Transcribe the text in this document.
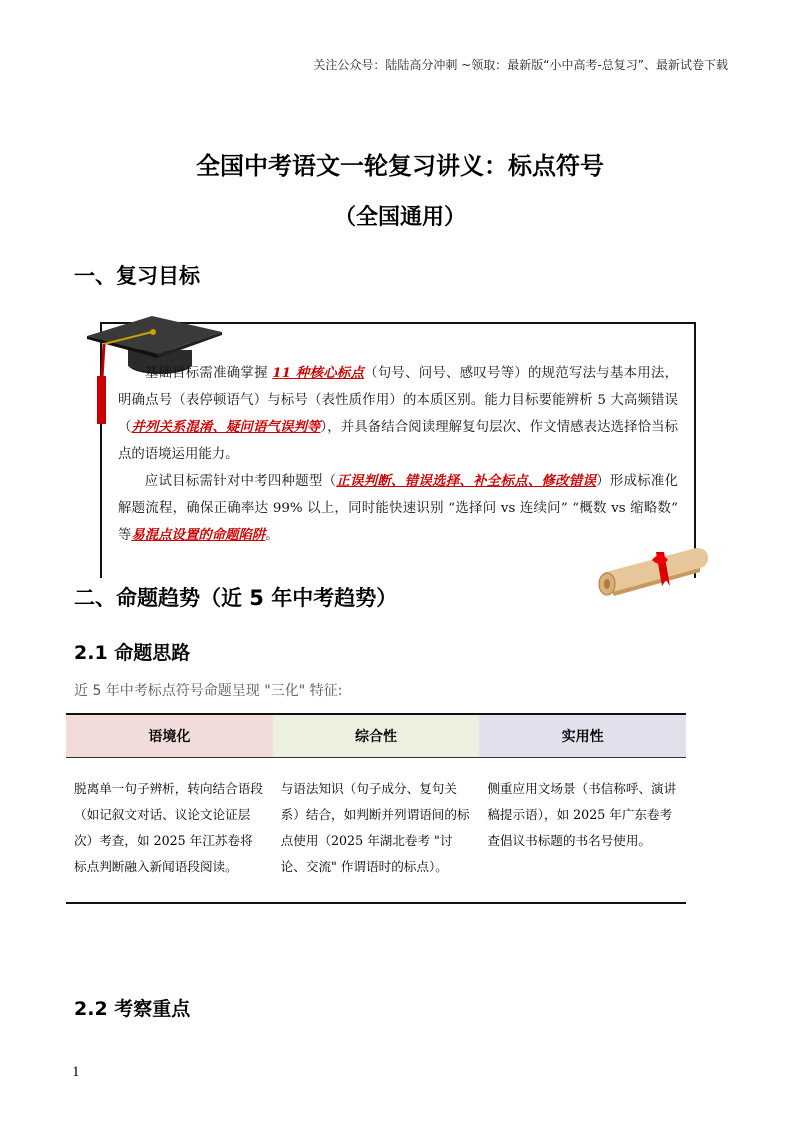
关注公众号：陆陆高分冲刺 ~领取：最新版“小中高考-总复习”、最新试卷下载
全国中考语文一轮复习讲义：标点符号
（全国通用）
一、复习目标

基础目标需准确掌握 11 种核心标点（句号、问号、感叹号等）的规范写法与基本用法，明确点号（表停顿语气）与标号（表性质作用）的本质区别。能力目标要能辨析 5 大高频错误（并列关系混淆、疑问语气误判等），并具备结合阅读理解复句层次、作文情感表达选择恰当标点的语境运用能力。

应试目标需针对中考四种题型（正误判断、错误选择、补全标点、修改错误）形成标准化解题流程，确保正确率达 99% 以上，同时能快速识别 “选择问 vs 连续问” “概数 vs 缩略数” 等易混点设置的命题陷阱。

二、命题趋势（近 5 年中考趋势）
2.1 命题思路
近 5 年中考标点符号命题呈现 "三化" 特征:
语境化	综合性	实用性
脱离单一句子辨析，转向结合语段（如记叙文对话、议论文论证层次）考查，如 2025 年江苏卷将标点判断融入新闻语段阅读。	与语法知识（句子成分、复句关系）结合，如判断并列谓语间的标点使用（2025 年湖北卷考 "讨论、交流" 作谓语时的标点）。	侧重应用文场景（书信称呼、演讲稿提示语），如 2025 年广东卷考查倡议书标题的书名号使用。
2.2 考察重点
1
